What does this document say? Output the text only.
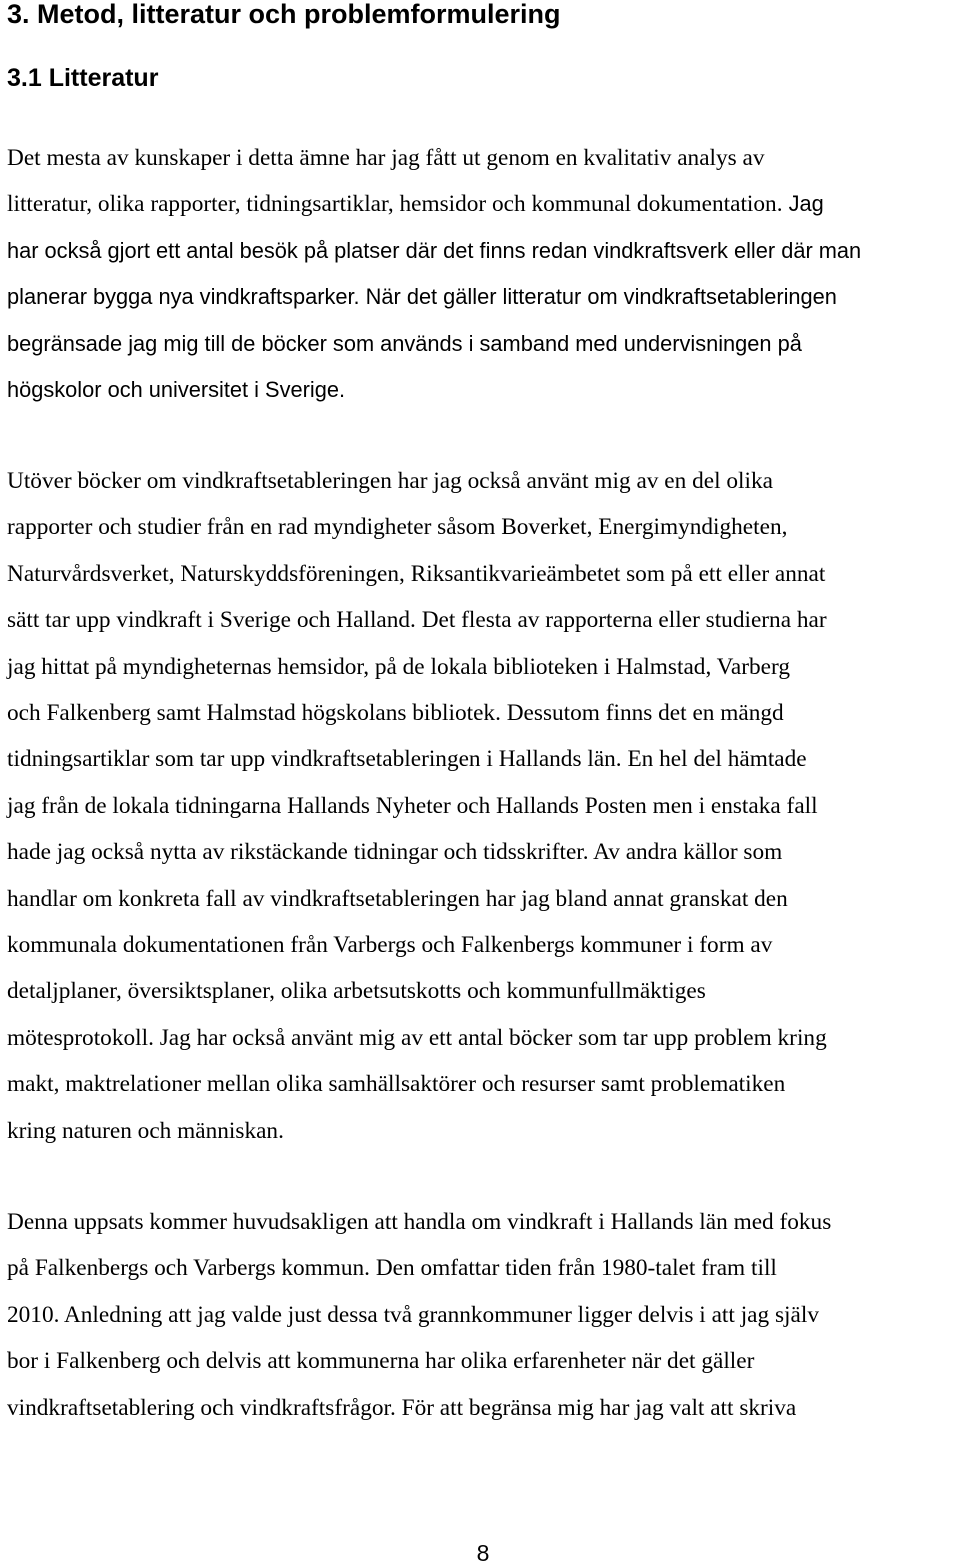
3. Metod, litteratur och problemformulering
3.1 Litteratur

Det mesta av kunskaper i detta ämne har jag fått ut genom en kvalitativ analys av
litteratur, olika rapporter, tidningsartiklar, hemsidor och kommunal dokumentation. Jag
har också gjort ett antal besök på platser där det finns redan vindkraftsverk eller där man
planerar bygga nya vindkraftsparker. När det gäller litteratur om vindkraftsetableringen
begränsade jag mig till de böcker som används i samband med undervisningen på
högskolor och universitet i Sverige.

Utöver böcker om vindkraftsetableringen har jag också använt mig av en del olika
rapporter och studier från en rad myndigheter såsom Boverket, Energimyndigheten,
Naturvårdsverket, Naturskyddsföreningen, Riksantikvarieämbetet som på ett eller annat
sätt tar upp vindkraft i Sverige och Halland. Det flesta av rapporterna eller studierna har
jag hittat på myndigheternas hemsidor, på de lokala biblioteken i Halmstad, Varberg
och Falkenberg samt Halmstad högskolans bibliotek. Dessutom finns det en mängd
tidningsartiklar som tar upp vindkraftsetableringen i Hallands län. En hel del hämtade
jag från de lokala tidningarna Hallands Nyheter och Hallands Posten men i enstaka fall
hade jag också nytta av rikstäckande tidningar och tidsskrifter. Av andra källor som
handlar om konkreta fall av vindkraftsetableringen har jag bland annat granskat den
kommunala dokumentationen från Varbergs och Falkenbergs kommuner i form av
detaljplaner, översiktsplaner, olika arbetsutskotts och kommunfullmäktiges
mötesprotokoll. Jag har också använt mig av ett antal böcker som tar upp problem kring
makt, maktrelationer mellan olika samhällsaktörer och resurser samt problematiken
kring naturen och människan.

Denna uppsats kommer huvudsakligen att handla om vindkraft i Hallands län med fokus
på Falkenbergs och Varbergs kommun. Den omfattar tiden från 1980-talet fram till
2010. Anledning att jag valde just dessa två grannkommuner ligger delvis i att jag själv
bor i Falkenberg och delvis att kommunerna har olika erfarenheter när det gäller
vindkraftsetablering och vindkraftsfrågor. För att begränsa mig har jag valt att skriva

8
